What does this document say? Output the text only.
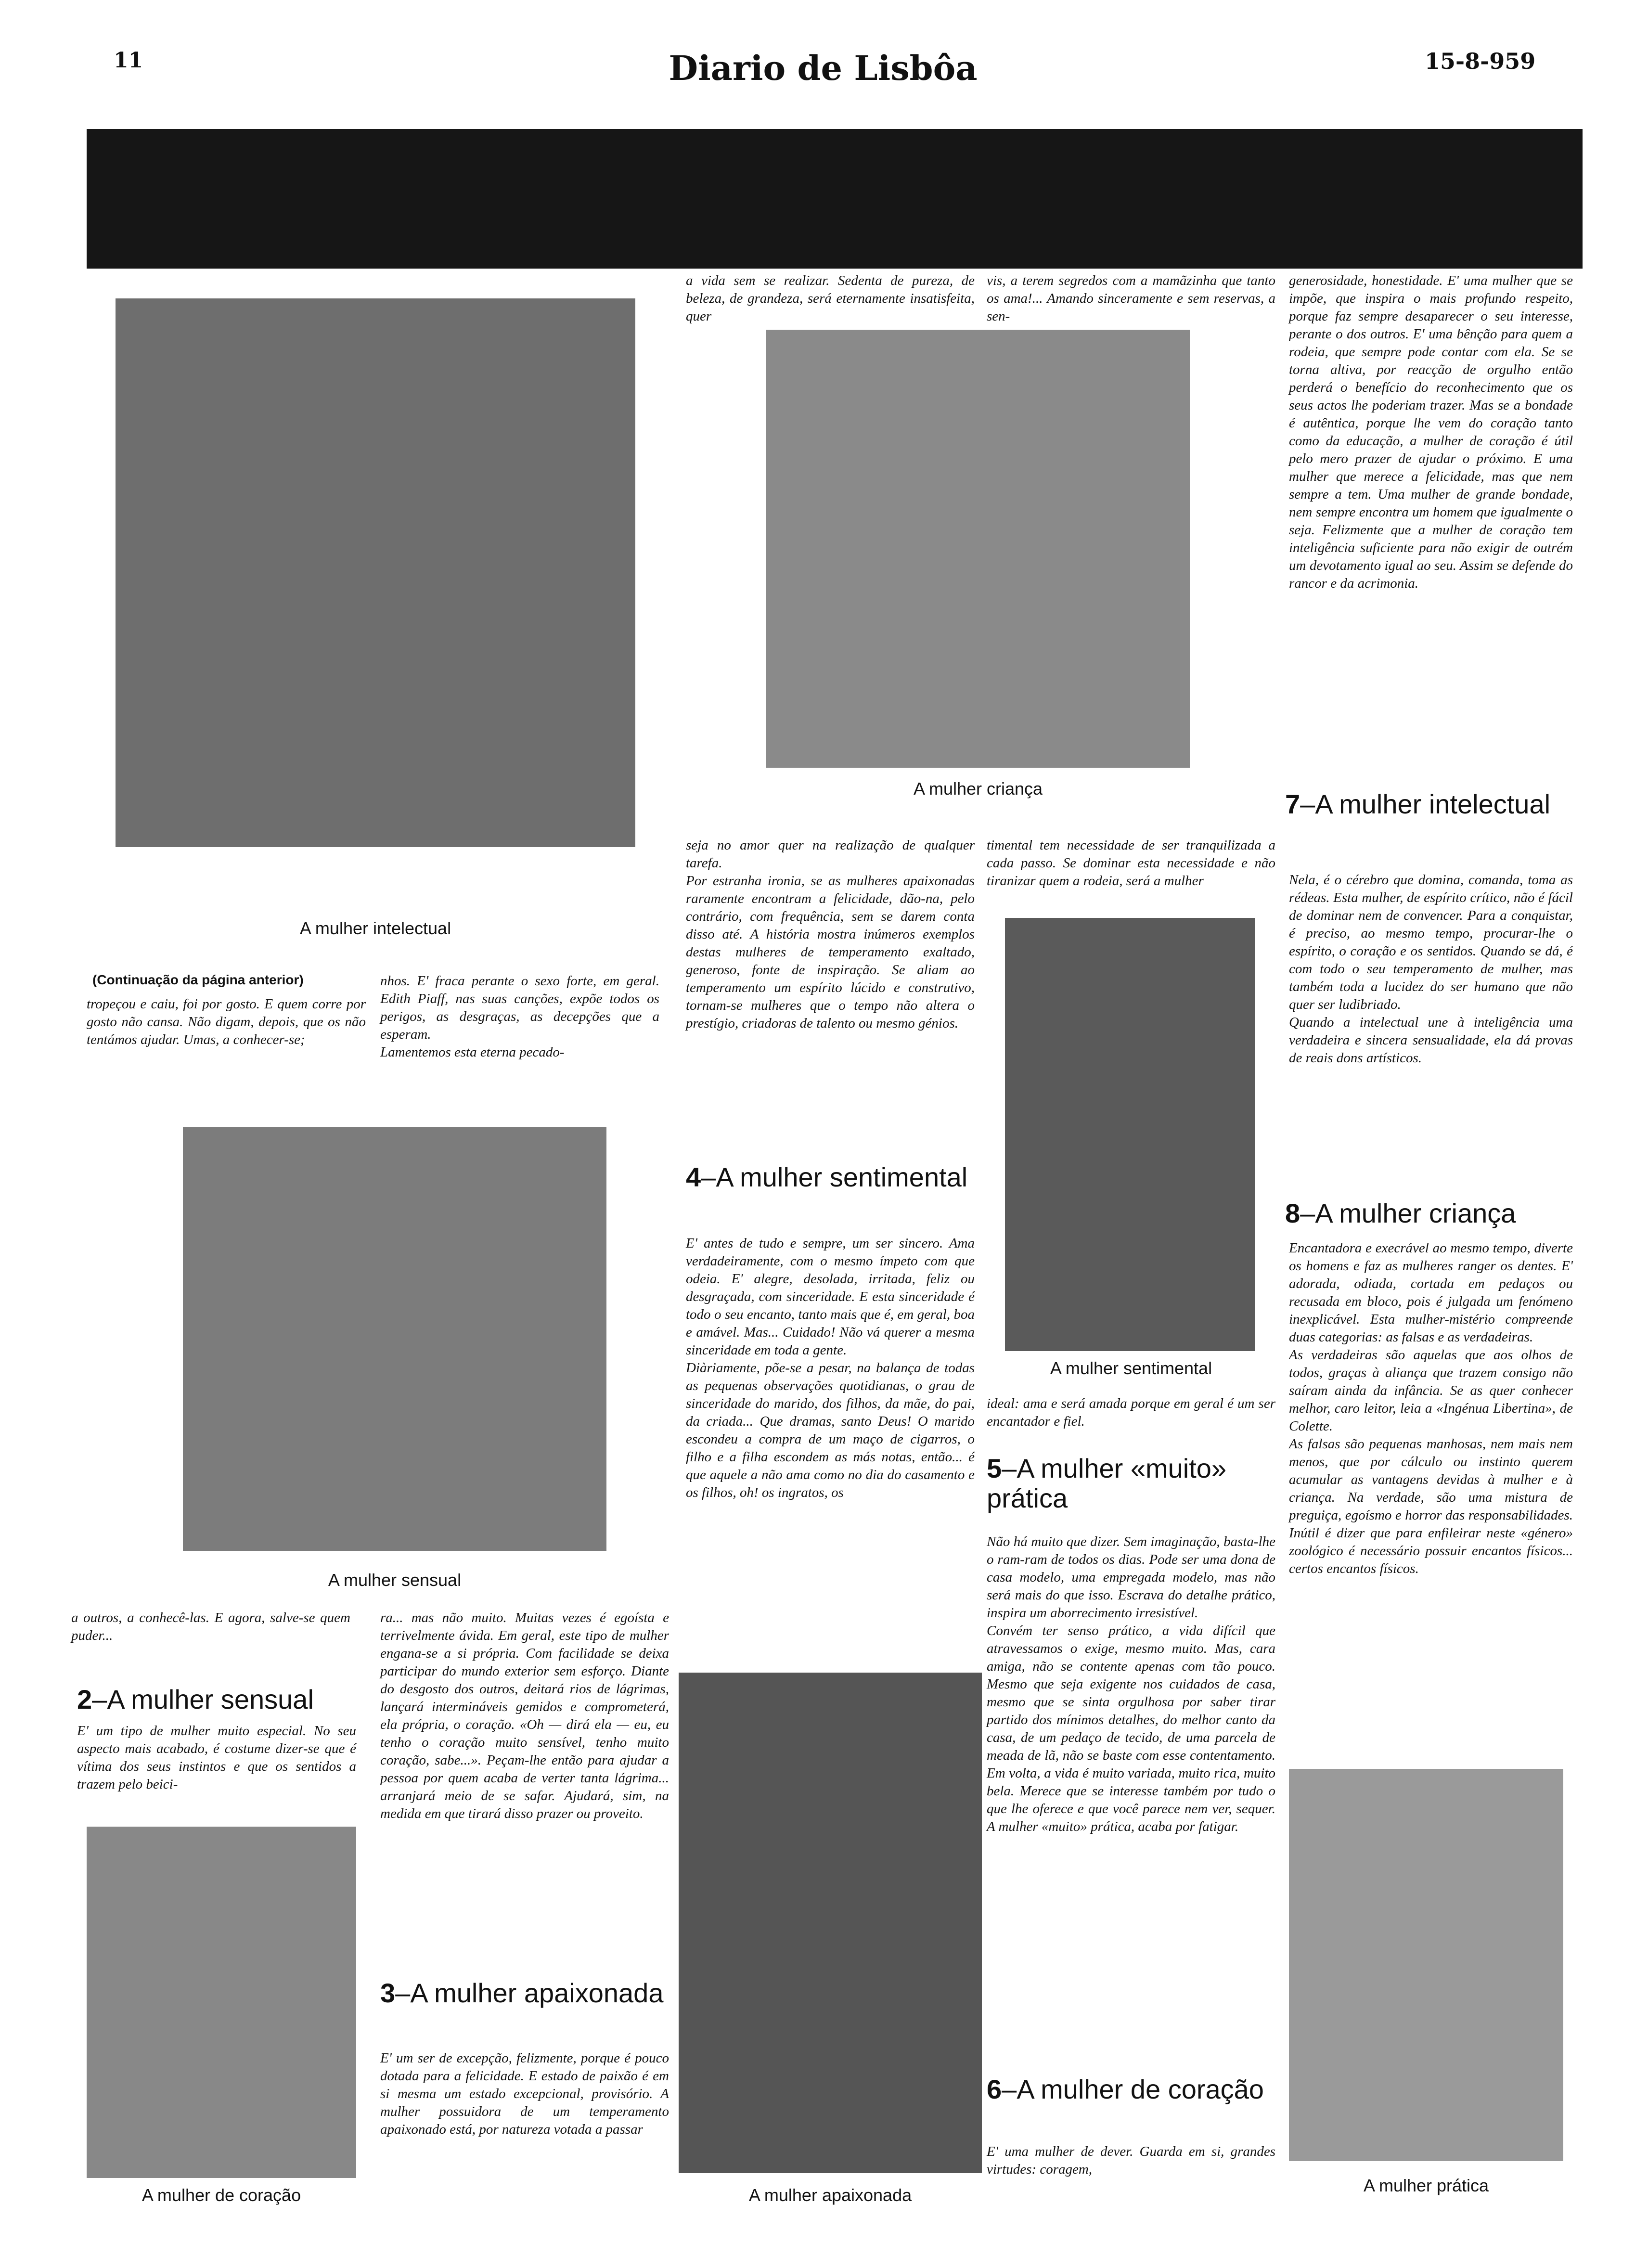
11	Diario de Lisbôa	15-8-959
A mulher intelectual
A mulher criança
A mulher sentimental
A mulher sensual
A mulher de coração	A mulher apaixonada	A mulher prática
(Continuação da página anterior)
tropeçou e caiu, foi por gosto. E quem corre por gosto não cansa. Não digam, depois, que os não tentámos ajudar. Umas, a conhecer-se;
nhos. E' fraca perante o sexo forte, em geral. Edith Piaff, nas suas canções, expõe todos os perigos, as desgraças, as decepções que a esperam.
Lamentemos esta eterna pecado-
a outros, a conhecê-las. E agora, salve-se quem puder...
2–A mulher sensual
E' um tipo de mulher muito especial. No seu aspecto mais acabado, é costume dizer-se que é vítima dos seus instintos e que os sentidos a trazem pelo beici-
ra... mas não muito. Muitas vezes é egoísta e terrivelmente ávida. Em geral, este tipo de mulher engana-se a si própria. Com facilidade se deixa participar do mundo exterior sem esforço. Diante do desgosto dos outros, deitará rios de lágrimas, lançará intermináveis gemidos e comprometerá, ela própria, o coração. «Oh — dirá ela — eu, eu tenho o coração muito sensível, tenho muito coração, sabe...». Peçam-lhe então para ajudar a pessoa por quem acaba de verter tanta lágrima... arranjará meio de se safar. Ajudará, sim, na medida em que tirará disso prazer ou proveito.
3–A mulher apaixonada
E' um ser de excepção, felizmente, porque é pouco dotada para a felicidade. E estado de paixão é em si mesma um estado excepcional, provisório. A mulher possuidora de um temperamento apaixonado está, por natureza votada a passar
a vida sem se realizar. Sedenta de pureza, de beleza, de grandeza, será eternamente insatisfeita, quer
seja no amor quer na realização de qualquer tarefa.
Por estranha ironia, se as mulheres apaixonadas raramente encontram a felicidade, dão-na, pelo contrário, com frequência, sem se darem conta disso até. A história mostra inúmeros exemplos destas mulheres de temperamento exaltado, generoso, fonte de inspiração. Se aliam ao temperamento um espírito lúcido e construtivo, tornam-se mulheres que o tempo não altera o prestígio, criadoras de talento ou mesmo génios.
4–A mulher sentimental
E' antes de tudo e sempre, um ser sincero. Ama verdadeiramente, com o mesmo ímpeto com que odeia. E' alegre, desolada, irritada, feliz ou desgraçada, com sinceridade. E esta sinceridade é todo o seu encanto, tanto mais que é, em geral, boa e amável. Mas... Cuidado! Não vá querer a mesma sinceridade em toda a gente.
Diàriamente, põe-se a pesar, na balança de todas as pequenas observações quotidianas, o grau de sinceridade do marido, dos filhos, da mãe, do pai, da criada... Que dramas, santo Deus! O marido escondeu a compra de um maço de cigarros, o filho e a filha escondem as más notas, então... é que aquele a não ama como no dia do casamento e os filhos, oh! os ingratos, os
vis, a terem segredos com a mamãzinha que tanto os ama!... Amando sinceramente e sem reservas, a sen-
timental tem necessidade de ser tranquilizada a cada passo. Se dominar esta necessidade e não tiranizar quem a rodeia, será a mulher
ideal: ama e será amada porque em geral é um ser encantador e fiel.
5–A mulher «muito» prática
Não há muito que dizer. Sem imaginação, basta-lhe o ram-ram de todos os dias. Pode ser uma dona de casa modelo, uma empregada modelo, mas não será mais do que isso. Escrava do detalhe prático, inspira um aborrecimento irresistível.
Convém ter senso prático, a vida difícil que atravessamos o exige, mesmo muito. Mas, cara amiga, não se contente apenas com tão pouco. Mesmo que seja exigente nos cuidados de casa, mesmo que se sinta orgulhosa por saber tirar partido dos mínimos detalhes, do melhor canto da casa, de um pedaço de tecido, de uma parcela de meada de lã, não se baste com esse contentamento. Em volta, a vida é muito variada, muito rica, muito bela. Merece que se interesse também por tudo o que lhe oferece e que você parece nem ver, sequer. A mulher «muito» prática, acaba por fatigar.
6–A mulher de coração
E' uma mulher de dever. Guarda em si, grandes virtudes: coragem,
generosidade, honestidade. E' uma mulher que se impõe, que inspira o mais profundo respeito, porque faz sempre desaparecer o seu interesse, perante o dos outros. E' uma bênção para quem a rodeia, que sempre pode contar com ela. Se se torna altiva, por reacção de orgulho então perderá o benefício do reconhecimento que os seus actos lhe poderiam trazer. Mas se a bondade é autêntica, porque lhe vem do coração tanto como da educação, a mulher de coração é útil pelo mero prazer de ajudar o próximo. E uma mulher que merece a felicidade, mas que nem sempre a tem. Uma mulher de grande bondade, nem sempre encontra um homem que igualmente o seja. Felizmente que a mulher de coração tem inteligência suficiente para não exigir de outrém um devotamento igual ao seu. Assim se defende do rancor e da acrimonia.
7–A mulher intelectual
Nela, é o cérebro que domina, comanda, toma as rédeas. Esta mulher, de espírito crítico, não é fácil de dominar nem de convencer. Para a conquistar, é preciso, ao mesmo tempo, procurar-lhe o espírito, o coração e os sentidos. Quando se dá, é com todo o seu temperamento de mulher, mas também toda a lucidez do ser humano que não quer ser ludibriado.
Quando a intelectual une à inteligência uma verdadeira e sincera sensualidade, ela dá provas de reais dons artísticos.
8–A mulher criança
Encantadora e execrável ao mesmo tempo, diverte os homens e faz as mulheres ranger os dentes. E' adorada, odiada, cortada em pedaços ou recusada em bloco, pois é julgada um fenómeno inexplicável. Esta mulher-mistério compreende duas categorias: as falsas e as verdadeiras.
As verdadeiras são aquelas que aos olhos de todos, graças à aliança que trazem consigo não saíram ainda da infância. Se as quer conhecer melhor, caro leitor, leia a «Ingénua Libertina», de Colette.
As falsas são pequenas manhosas, nem mais nem menos, que por cálculo ou instinto querem acumular as vantagens devidas à mulher e à criança. Na verdade, são uma mistura de preguiça, egoísmo e horror das responsabilidades. Inútil é dizer que para enfileirar neste «género» zoológico é necessário possuir encantos físicos... certos encantos físicos.
